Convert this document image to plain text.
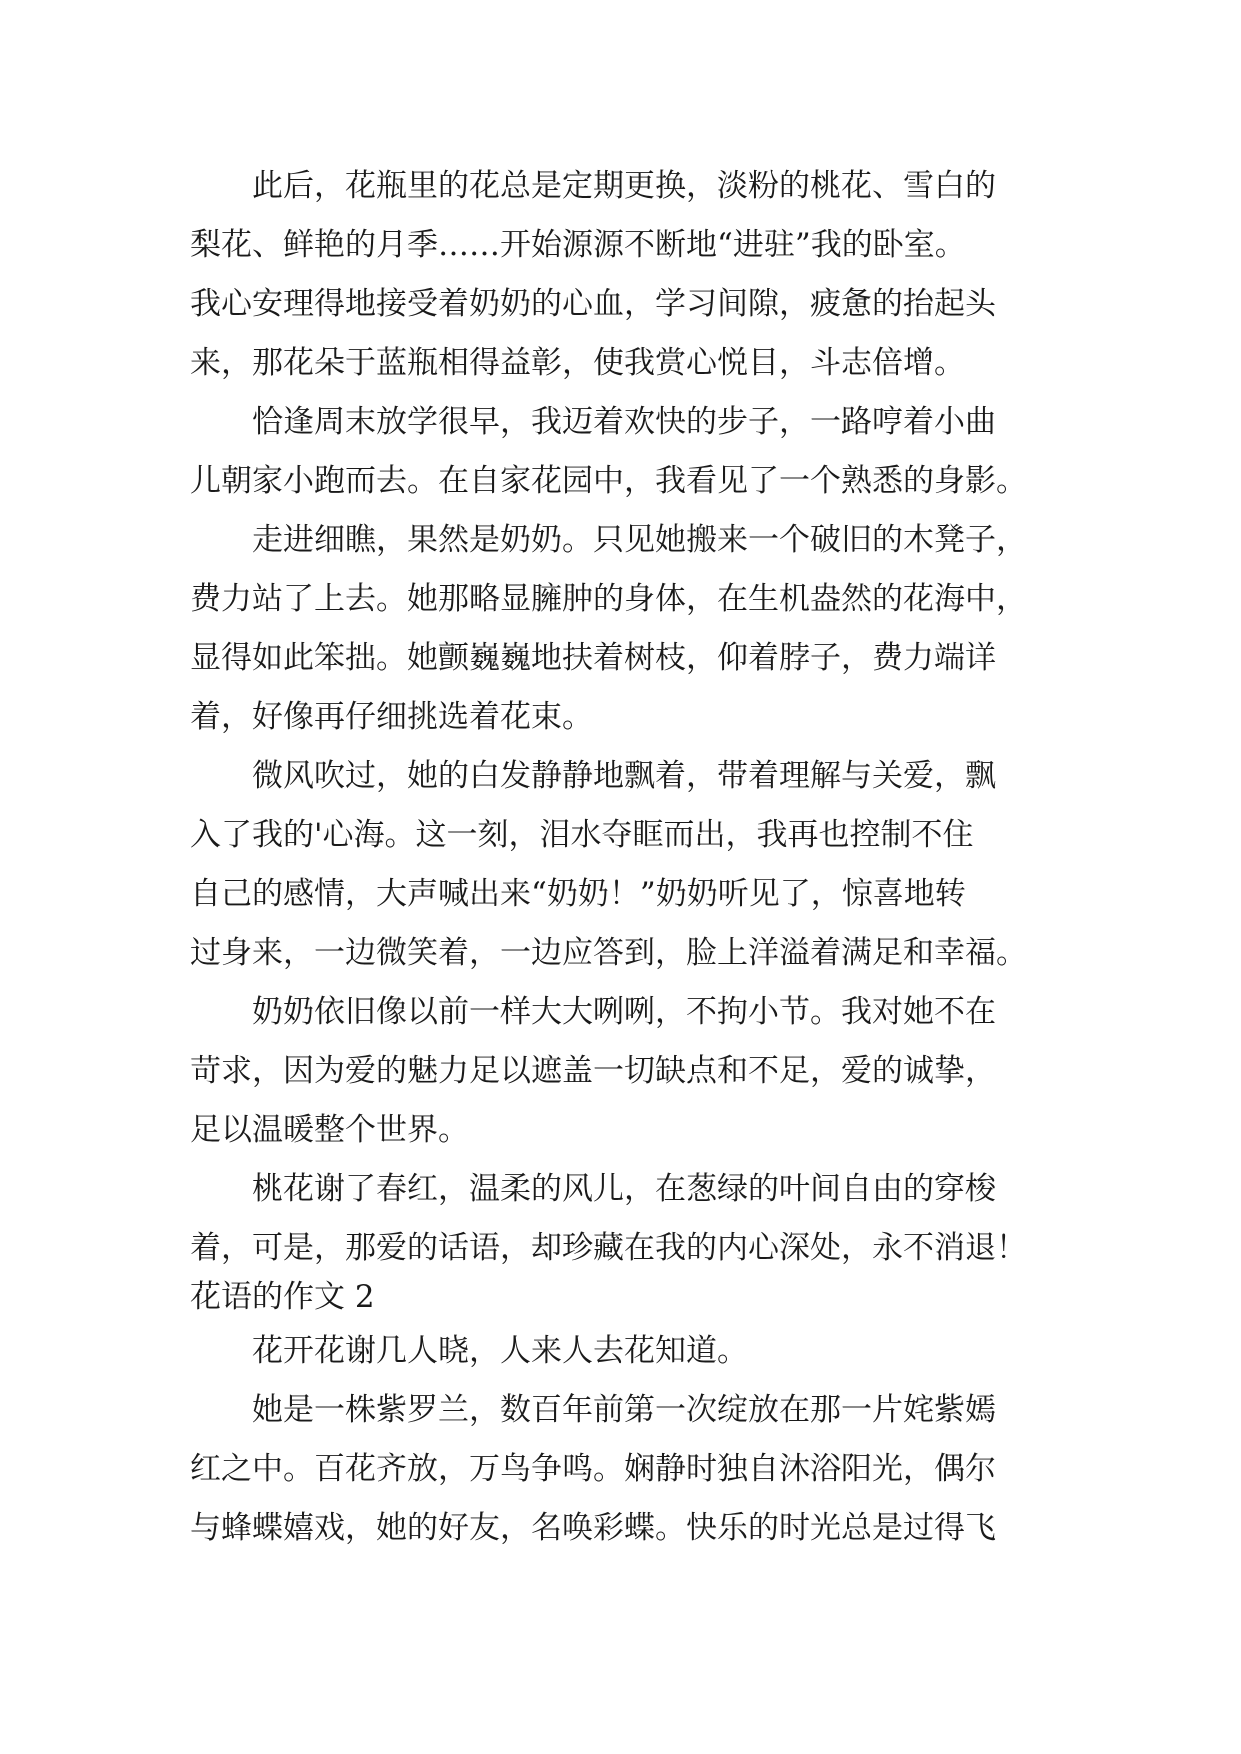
　　此后，花瓶里的花总是定期更换，淡粉的桃花、雪白的
梨花、鲜艳的月季……开始源源不断地“进驻”我的卧室。
我心安理得地接受着奶奶的心血，学习间隙，疲惫的抬起头
来，那花朵于蓝瓶相得益彰，使我赏心悦目，斗志倍增。
　　恰逢周末放学很早，我迈着欢快的步子，一路哼着小曲
儿朝家小跑而去。在自家花园中，我看见了一个熟悉的身影。
　　走进细瞧，果然是奶奶。只见她搬来一个破旧的木凳子，
费力站了上去。她那略显臃肿的身体，在生机盎然的花海中，
显得如此笨拙。她颤巍巍地扶着树枝，仰着脖子，费力端详
着，好像再仔细挑选着花束。
　　微风吹过，她的白发静静地飘着，带着理解与关爱，飘
入了我的'心海。这一刻，泪水夺眶而出，我再也控制不住
自己的感情，大声喊出来“奶奶！”奶奶听见了，惊喜地转
过身来，一边微笑着，一边应答到，脸上洋溢着满足和幸福。
　　奶奶依旧像以前一样大大咧咧，不拘小节。我对她不在
苛求，因为爱的魅力足以遮盖一切缺点和不足，爱的诚挚，
足以温暖整个世界。
　　桃花谢了春红，温柔的风儿，在葱绿的叶间自由的穿梭
着，可是，那爱的话语，却珍藏在我的内心深处，永不消退！
花语的作文 2
　　花开花谢几人晓，人来人去花知道。
　　她是一株紫罗兰，数百年前第一次绽放在那一片姹紫嫣
红之中。百花齐放，万鸟争鸣。娴静时独自沐浴阳光，偶尔
与蜂蝶嬉戏，她的好友，名唤彩蝶。快乐的时光总是过得飞
